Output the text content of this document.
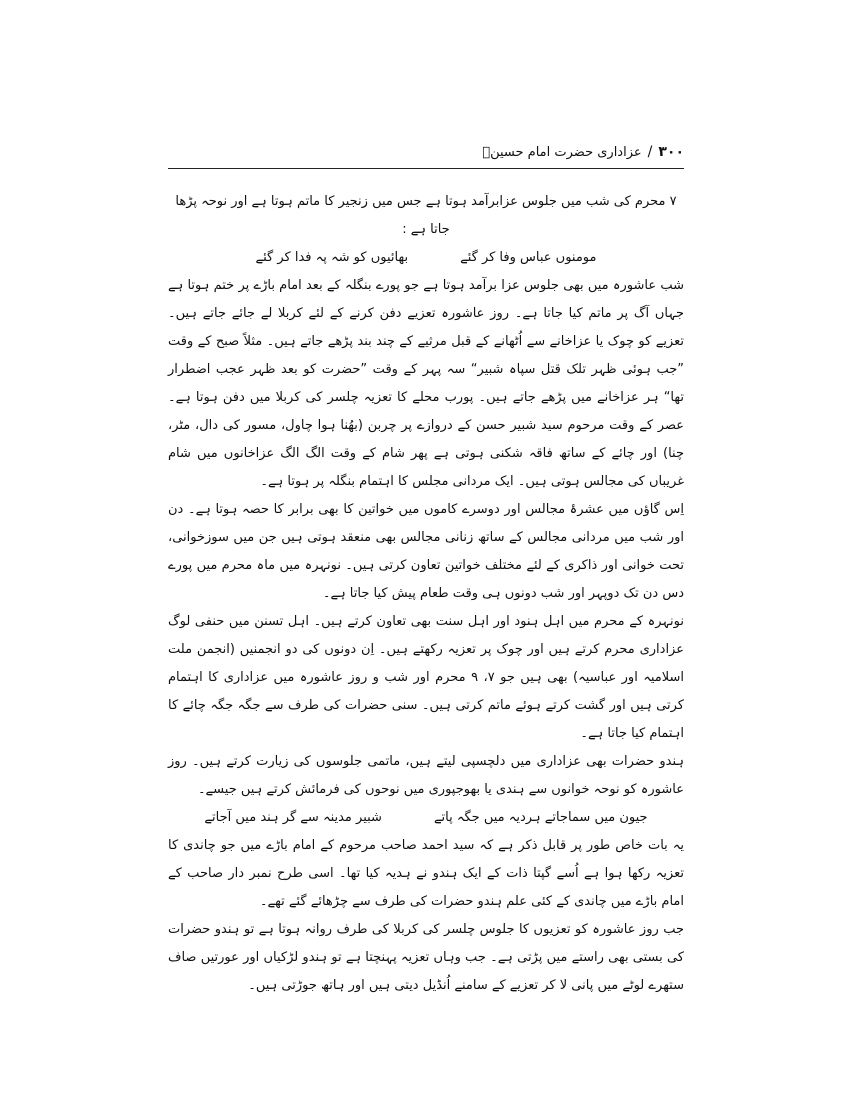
۳۰۰
/
عزاداری حضرت امام حسینؑ

۷ محرم کی شب میں جلوس عزابرآمد ہوتا ہے جس میں زنجیر کا ماتم ہوتا ہے اور نوحہ پڑھا جاتا ہے :

مومنوں عباس وفا کر گئے
بھائیوں کو شہ پہ فدا کر گئے

شب عاشورہ میں بھی جلوس عزا برآمد ہوتا ہے جو پورے بنگلہ کے بعد امام باڑے پر ختم ہوتا ہے جہاں آگ پر ماتم کیا جاتا ہے۔ روز عاشورہ تعزیے دفن کرنے کے لئے کربلا لے جائے جاتے ہیں۔ تعزیے کو چوک یا عزاخانے سے اُٹھانے کے قبل مرثیے کے چند بند پڑھے جاتے ہیں۔ مثلاً صبح کے وقت ”جب ہوئی ظہر تلک قتل سپاہ شبیر“ سہ پہر کے وقت ”حضرت کو بعد ظہر عجب اضطرار تھا“ ہر عزاخانے میں پڑھے جاتے ہیں۔ پورب محلے کا تعزیہ چلسر کی کربلا میں دفن ہوتا ہے۔ عصر کے وقت مرحوم سید شبیر حسن کے دروازے پر چربن (بھُنا ہوا چاول، مسور کی دال، مٹر، چنا) اور چائے کے ساتھ فاقہ شکنی ہوتی ہے پھر شام کے وقت الگ الگ عزاخانوں میں شام غریباں کی مجالس ہوتی ہیں۔ ایک مردانی مجلس کا اہتمام بنگلہ پر ہوتا ہے۔

اِس گاؤں میں عشرۂ مجالس اور دوسرے کاموں میں خواتین کا بھی برابر کا حصہ ہوتا ہے۔ دن اور شب میں مردانی مجالس کے ساتھ زنانی مجالس بھی منعقد ہوتی ہیں جن میں سوزخوانی، تحت خوانی اور ذاکری کے لئے مختلف خواتین تعاون کرتی ہیں۔ نونہرہ میں ماہ محرم میں پورے دس دن تک دوپہر اور شب دونوں ہی وقت طعام پیش کیا جاتا ہے۔

نونہرہ کے محرم میں اہل ہنود اور اہل سنت بھی تعاون کرتے ہیں۔ اہل تسنن میں حنفی لوگ عزاداری محرم کرتے ہیں اور چوک پر تعزیہ رکھتے ہیں۔ اِن دونوں کی دو انجمنیں (انجمن ملت اسلامیہ اور عباسیہ) بھی ہیں جو ۷، ۹ محرم اور شب و روز عاشورہ میں عزاداری کا اہتمام کرتی ہیں اور گشت کرتے ہوئے ماتم کرتی ہیں۔ سنی حضرات کی طرف سے جگہ جگہ چائے کا اہتمام کیا جاتا ہے۔

ہندو حضرات بھی عزاداری میں دلچسپی لیتے ہیں، ماتمی جلوسوں کی زیارت کرتے ہیں۔ روز عاشورہ کو نوحہ خوانوں سے ہندی یا بھوجپوری میں نوحوں کی فرمائش کرتے ہیں جیسے۔

جیون میں سماجاتے ہردیہ میں جگہ پاتے
شبیر مدینہ سے گر ہند میں آجاتے

یہ بات خاص طور پر قابل ذکر ہے کہ سید احمد صاحب مرحوم کے امام باڑے میں جو چاندی کا تعزیہ رکھا ہوا ہے اُسے گپتا ذات کے ایک ہندو نے ہدیہ کیا تھا۔ اسی طرح نمبر دار صاحب کے امام باڑے میں چاندی کے کئی علم ہندو حضرات کی طرف سے چڑھائے گئے تھے۔

جب روز عاشورہ کو تعزیوں کا جلوس چلسر کی کربلا کی طرف روانہ ہوتا ہے تو ہندو حضرات کی بستی بھی راستے میں پڑتی ہے۔ جب وہاں تعزیہ پہنچتا ہے تو ہندو لڑکیاں اور عورتیں صاف ستھرے لوٹے میں پانی لا کر تعزیے کے سامنے اُنڈیل دیتی ہیں اور ہاتھ جوڑتی ہیں۔
